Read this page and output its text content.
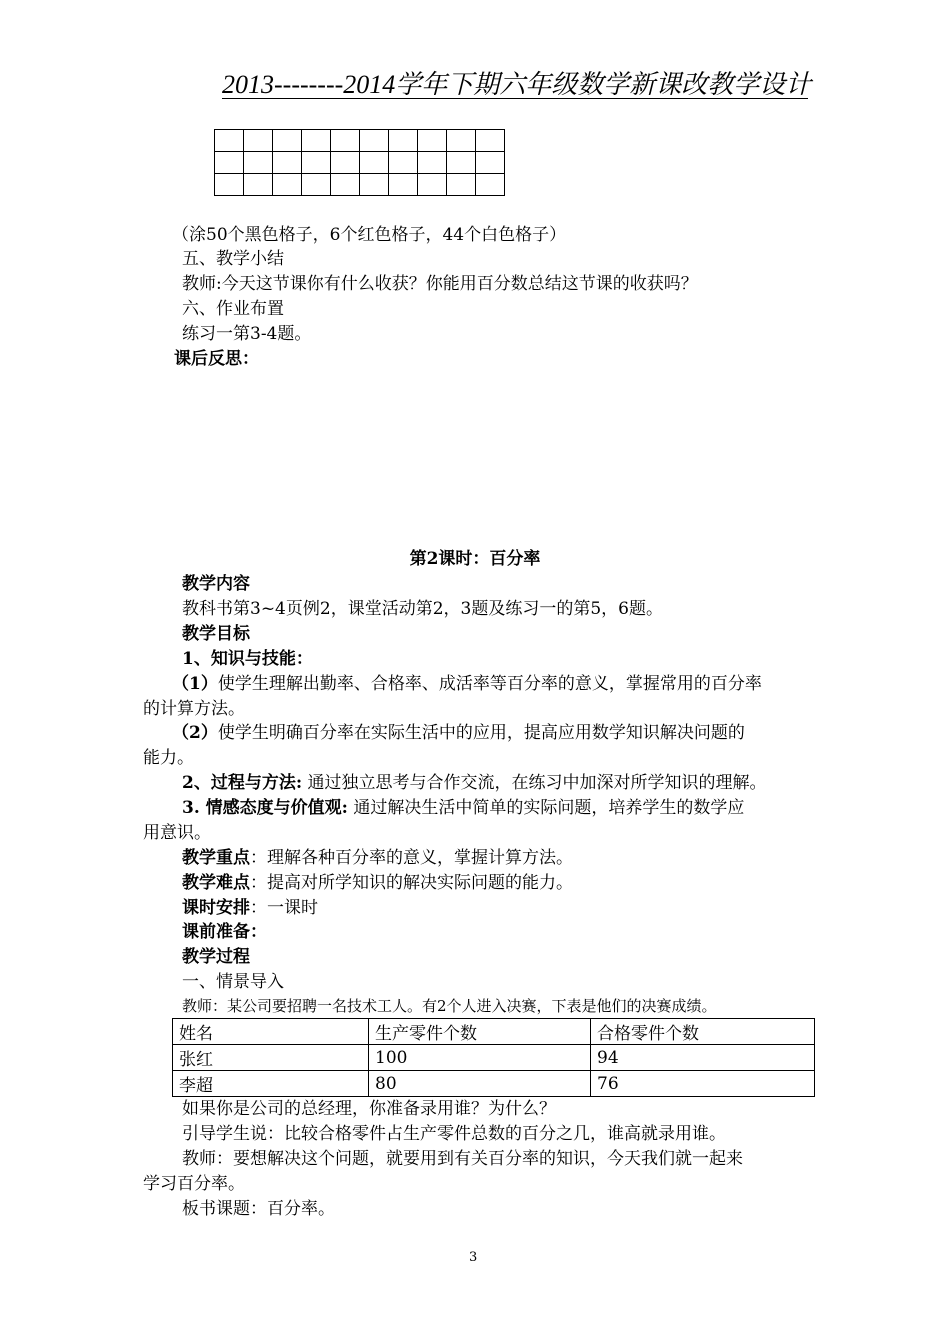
2013--------2014学年下期六年级数学新课改教学设计

（涂50个黑色格子，6个红色格子，44个白色格子）
五、教学小结
教师:今天这节课你有什么收获？你能用百分数总结这节课的收获吗？
六、作业布置
练习一第3-4题。
课后反思：
第2课时：百分率
教学内容
教科书第3~4页例2，课堂活动第2，3题及练习一的第5，6题。
教学目标
1、知识与技能：
（1）使学生理解出勤率、合格率、成活率等百分率的意义，掌握常用的百分率
的计算方法。
（2）使学生明确百分率在实际生活中的应用，提高应用数学知识解决问题的
能力。
2、过程与方法: 通过独立思考与合作交流，在练习中加深对所学知识的理解。
3. 情感态度与价值观: 通过解决生活中简单的实际问题，培养学生的数学应
用意识。
教学重点：理解各种百分率的意义，掌握计算方法。
教学难点：提高对所学知识的解决实际问题的能力。
课时安排：一课时
课前准备：
教学过程
一、情景导入
教师：某公司要招聘一名技术工人。有2个人进入决赛，下表是他们的决赛成绩。
姓名	生产零件个数	合格零件个数
张红	100	94
李超	80	76
如果你是公司的总经理，你准备录用谁？为什么？
引导学生说：比较合格零件占生产零件总数的百分之几，谁高就录用谁。
教师：要想解决这个问题，就要用到有关百分率的知识，今天我们就一起来
学习百分率。
板书课题：百分率。
3
